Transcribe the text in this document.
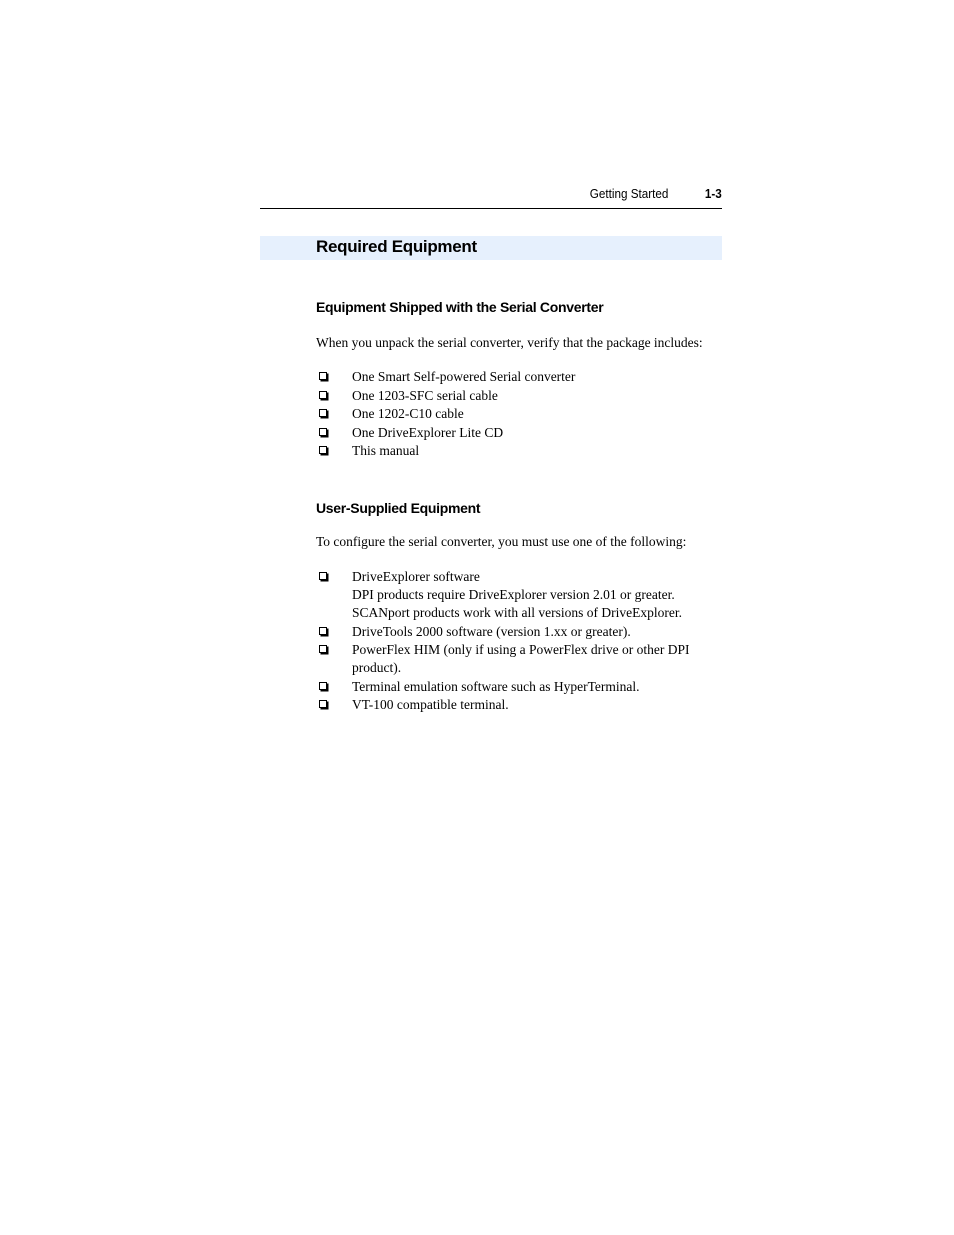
Getting Started	1-3
Required Equipment
Equipment Shipped with the Serial Converter

When you unpack the serial converter, verify that the package includes:

One Smart Self-powered Serial converter
One 1203-SFC serial cable
One 1202-C10 cable
One DriveExplorer Lite CD
This manual
User-Supplied Equipment

To configure the serial converter, you must use one of the following:

DriveExplorer software
DPI products require DriveExplorer version 2.01 or greater.
SCANport products work with all versions of DriveExplorer.
DriveTools 2000 software (version 1.xx or greater).
PowerFlex HIM (only if using a PowerFlex drive or other DPI product).
Terminal emulation software such as HyperTerminal.
VT-100 compatible terminal.
